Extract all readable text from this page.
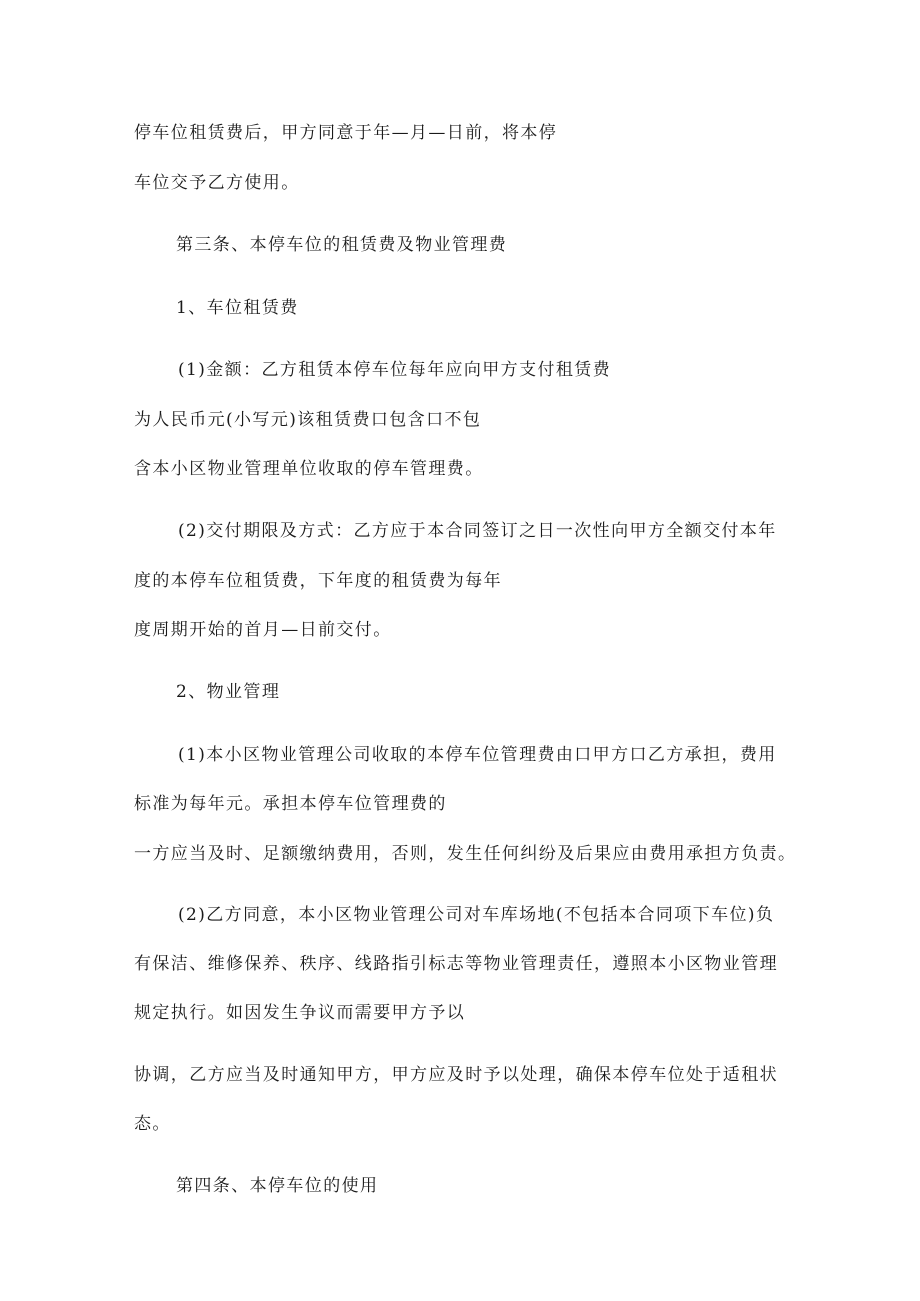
停车位租赁费后，甲方同意于年—月—日前，将本停
车位交予乙方使用。
第三条、本停车位的租赁费及物业管理费
1、车位租赁费
(1)金额：乙方租赁本停车位每年应向甲方支付租赁费
为人民币元(小写元)该租赁费口包含口不包
含本小区物业管理单位收取的停车管理费。
(2)交付期限及方式：乙方应于本合同签订之日一次性向甲方全额交付本年
度的本停车位租赁费，下年度的租赁费为每年
度周期开始的首月—日前交付。
2、物业管理
(1)本小区物业管理公司收取的本停车位管理费由口甲方口乙方承担，费用
标准为每年元。承担本停车位管理费的
一方应当及时、足额缴纳费用，否则，发生任何纠纷及后果应由费用承担方负责。
(2)乙方同意，本小区物业管理公司对车库场地(不包括本合同项下车位)负
有保洁、维修保养、秩序、线路指引标志等物业管理责任，遵照本小区物业管理
规定执行。如因发生争议而需要甲方予以
协调，乙方应当及时通知甲方，甲方应及时予以处理，确保本停车位处于适租状
态。
第四条、本停车位的使用
